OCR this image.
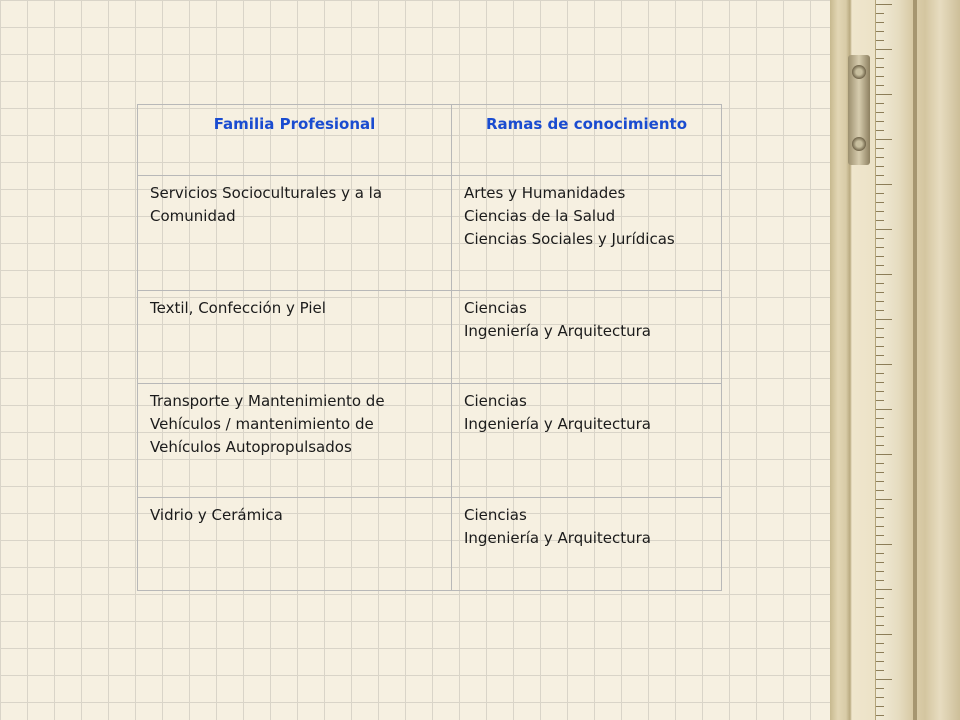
Familia Profesional	Ramas de conocimiento
Servicios Socioculturales y a la Comunidad	Artes y Humanidades
Ciencias de la Salud
Ciencias Sociales y Jurídicas
Textil, Confección y Piel	Ciencias
Ingeniería y Arquitectura
Transporte y Mantenimiento de Vehículos / mantenimiento de Vehículos Autopropulsados	Ciencias
Ingeniería y Arquitectura
Vidrio y Cerámica	Ciencias
Ingeniería y Arquitectura
